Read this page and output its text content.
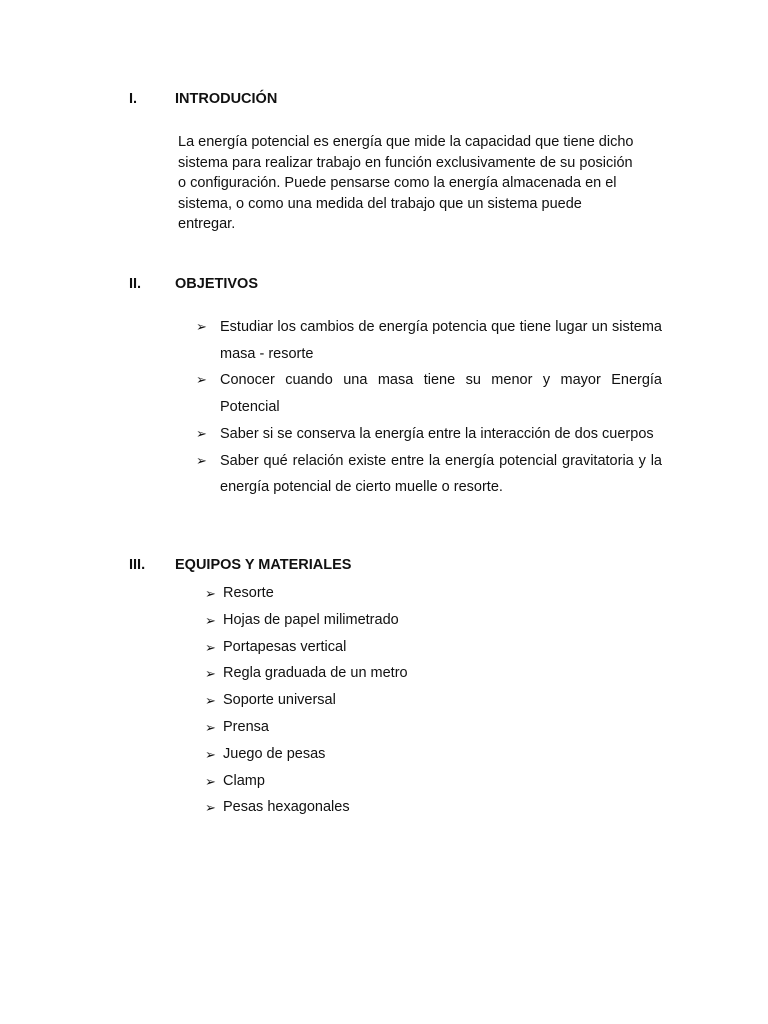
I.	INTRODUCIÓN
La energía potencial es energía que mide la capacidad que tiene dicho
sistema para realizar trabajo en función exclusivamente de su posición
o configuración. Puede pensarse como la energía almacenada en el
sistema, o como una medida del trabajo que un sistema puede
entregar.
II. OBJETIVOS
➢ Estudiar los cambios de energía potencia que tiene lugar un sistema masa - resorte
➢ Conocer cuando una masa tiene su menor y mayor Energía Potencial
➢ Saber si se conserva la energía entre la interacción de dos cuerpos
➢ Saber qué relación existe entre la energía potencial gravitatoria y la energía potencial de cierto muelle o resorte.
III. EQUIPOS Y MATERIALES
➢ Resorte
➢ Hojas de papel milimetrado
➢ Portapesas vertical
➢ Regla graduada de un metro
➢ Soporte universal
➢ Prensa
➢ Juego de pesas
➢ Clamp
➢ Pesas hexagonales
